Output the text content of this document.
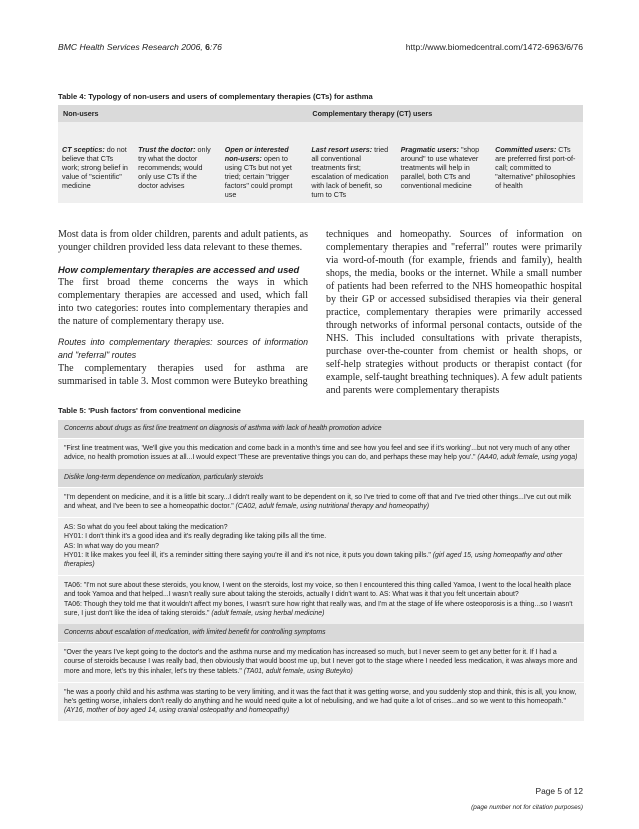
BMC Health Services Research 2006, 6:76	http://www.biomedcentral.com/1472-6963/6/76
Table 4: Typology of non-users and users of complementary therapies (CTs) for asthma
Non-users			Complementary therapy (CT) users		
CT sceptics: do not believe that CTs work; strong belief in value of "scientific" medicine	Trust the doctor: only try what the doctor recommends; would only use CTs if the doctor advises	Open or interested non-users: open to using CTs but not yet tried; certain "trigger factors" could prompt use	Last resort users: tried all conventional treatments first; escalation of medication with lack of benefit, so turn to CTs	Pragmatic users: "shop around" to use whatever treatments will help in parallel, both CTs and conventional medicine	Committed users: CTs are preferred first port-of-call; committed to "alternative" philosophies of health

Most data is from older children, parents and adult patients, as younger children provided less data relevant to these themes.

How complementary therapies are accessed and used

The first broad theme concerns the ways in which complementary therapies are accessed and used, which fall into two categories: routes into complementary therapies and the nature of complementary therapy use.

Routes into complementary therapies: sources of information and "referral" routes

The complementary therapies used for asthma are summarised in table 3. Most common were Buteyko breathing

techniques and homeopathy. Sources of information on complementary therapies and "referral" routes were primarily via word-of-mouth (for example, friends and family), health shops, the media, books or the internet. While a small number of patients had been referred to the NHS homeopathic hospital by their GP or accessed subsidised therapies via their general practice, complementary therapies were primarily accessed through networks of informal personal contacts, outside of the NHS. This included consultations with private therapists, purchase over-the-counter from chemist or health shops, or self-help strategies without products or therapist contact (for example, self-taught breathing techniques). A few adult patients and parents were complementary therapists

Table 5: 'Push factors' from conventional medicine
Concerns about drugs as first line treatment on diagnosis of asthma with lack of health promotion advice
"First line treatment was, 'We'll give you this medication and come back in a month's time and see how you feel and see if it's working'...but not very much of any other advice, no health promotion issues at all...I would expect 'These are preventative things you can do, and perhaps these may help you'." (AA40, adult female, using yoga)
Dislike long-term dependence on medication, particularly steroids
"I'm dependent on medicine, and it is a little bit scary...I didn't really want to be dependent on it, so I've tried to come off that and I've tried other things...I've cut out milk and wheat, and I've been to see a homeopathic doctor." (CA02, adult female, using nutritional therapy and homeopathy)

AS: So what do you feel about taking the medication?

HY01: I don't think it's a good idea and it's really degrading like taking pills all the time.

AS: In what way do you mean?

HY01: It like makes you feel ill, it's a reminder sitting there saying you're ill and it's not nice, it puts you down taking pills." (girl aged 15, using homeopathy and other therapies)

TA06: "I'm not sure about these steroids, you know, I went on the steroids, lost my voice, so then I encountered this thing called Yamoa, I went to the local health place and took Yamoa and that helped...I wasn't really sure about taking the steroids, actually I didn't want to. AS: What was it that you felt uncertain about?

TA06: Though they told me that it wouldn't affect my bones, I wasn't sure how right that really was, and I'm at the stage of life where osteoporosis is a thing...so I wasn't sure, I just don't like the idea of taking steroids." (adult female, using herbal medicine)

Concerns about escalation of medication, with limited benefit for controlling symptoms
"Over the years I've kept going to the doctor's and the asthma nurse and my medication has increased so much, but I never seem to get any better for it. If I had a course of steroids because I was really bad, then obviously that would boost me up, but I never got to the stage where I needed less medication, it was always more and more and more, let's try this inhaler, let's try these tablets." (TA01, adult female, using Buteyko)
"he was a poorly child and his asthma was starting to be very limiting, and it was the fact that it was getting worse, and you suddenly stop and think, this is all, you know, he's getting worse, inhalers don't really do anything and he would need quite a lot of nebulising, and we had quite a lot of crises...and so we went to this homeopath." (AY16, mother of boy aged 14, using cranial osteopathy and homeopathy)
Page 5 of 12
(page number not for citation purposes)
